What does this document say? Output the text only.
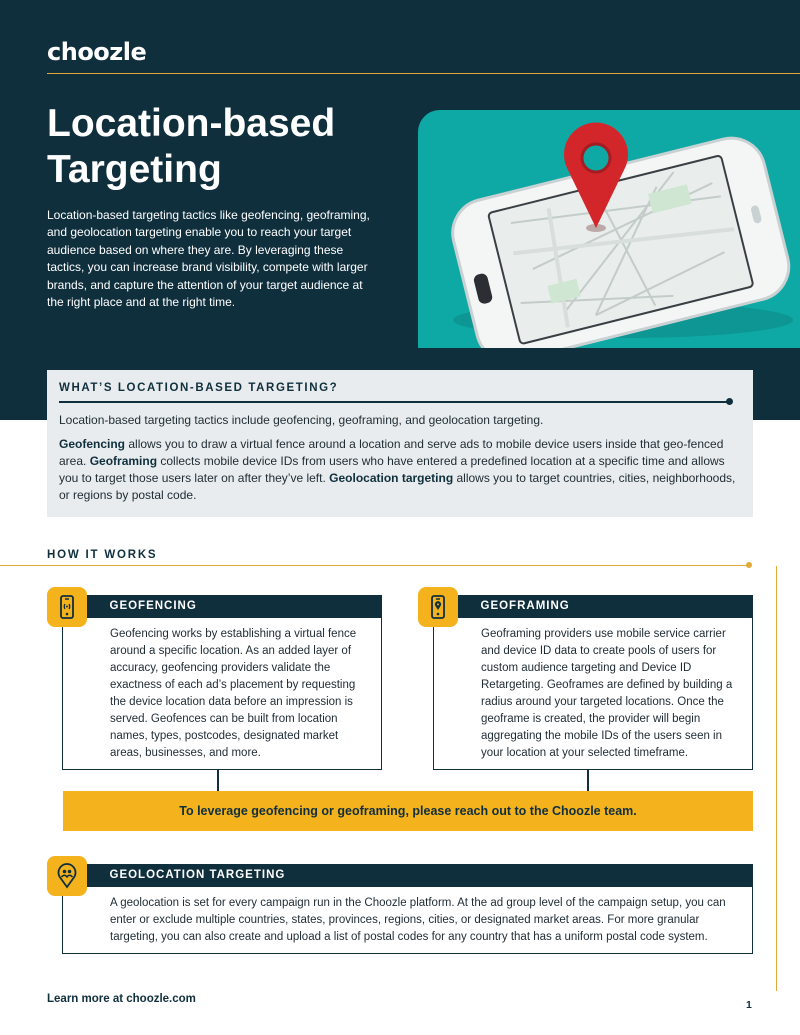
choozle
Location-based Targeting

Location-based targeting tactics like geofencing, geoframing, and geolocation targeting enable you to reach your target audience based on where they are. By leveraging these tactics, you can increase brand visibility, compete with larger brands, and capture the attention of your target audience at the right place and at the right time.

WHAT’S LOCATION-BASED TARGETING?

Location-based targeting tactics include geofencing, geoframing, and geolocation targeting.

Geofencing allows you to draw a virtual fence around a location and serve ads to mobile device users inside that geo-fenced area. Geoframing collects mobile device IDs from users who have entered a predefined location at a specific time and allows you to target those users later on after they’ve left. Geolocation targeting allows you to target countries, cities, neighborhoods, or regions by postal code.

HOW IT WORKS
GEOFENCING

Geofencing works by establishing a virtual fence around a specific location. As an added layer of accuracy, geofencing providers validate the exactness of each ad’s placement by requesting the device location data before an impression is served. Geofences can be built from location names, types, postcodes, designated market areas, businesses, and more.

GEOFRAMING

Geoframing providers use mobile service carrier and device ID data to create pools of users for custom audience targeting and Device ID Retargeting. Geoframes are defined by building a radius around your targeted locations. Once the geoframe is created, the provider will begin aggregating the mobile IDs of the users seen in your location at your selected timeframe.

To leverage geofencing or geoframing, please reach out to the Choozle team.
GEOLOCATION TARGETING

A geolocation is set for every campaign run in the Choozle platform. At the ad group level of the campaign setup, you can enter or exclude multiple countries, states, provinces, regions, cities, or designated market areas. For more granular targeting, you can also create and upload a list of postal codes for any country that has a uniform postal code system.

Learn more at choozle.com	1
